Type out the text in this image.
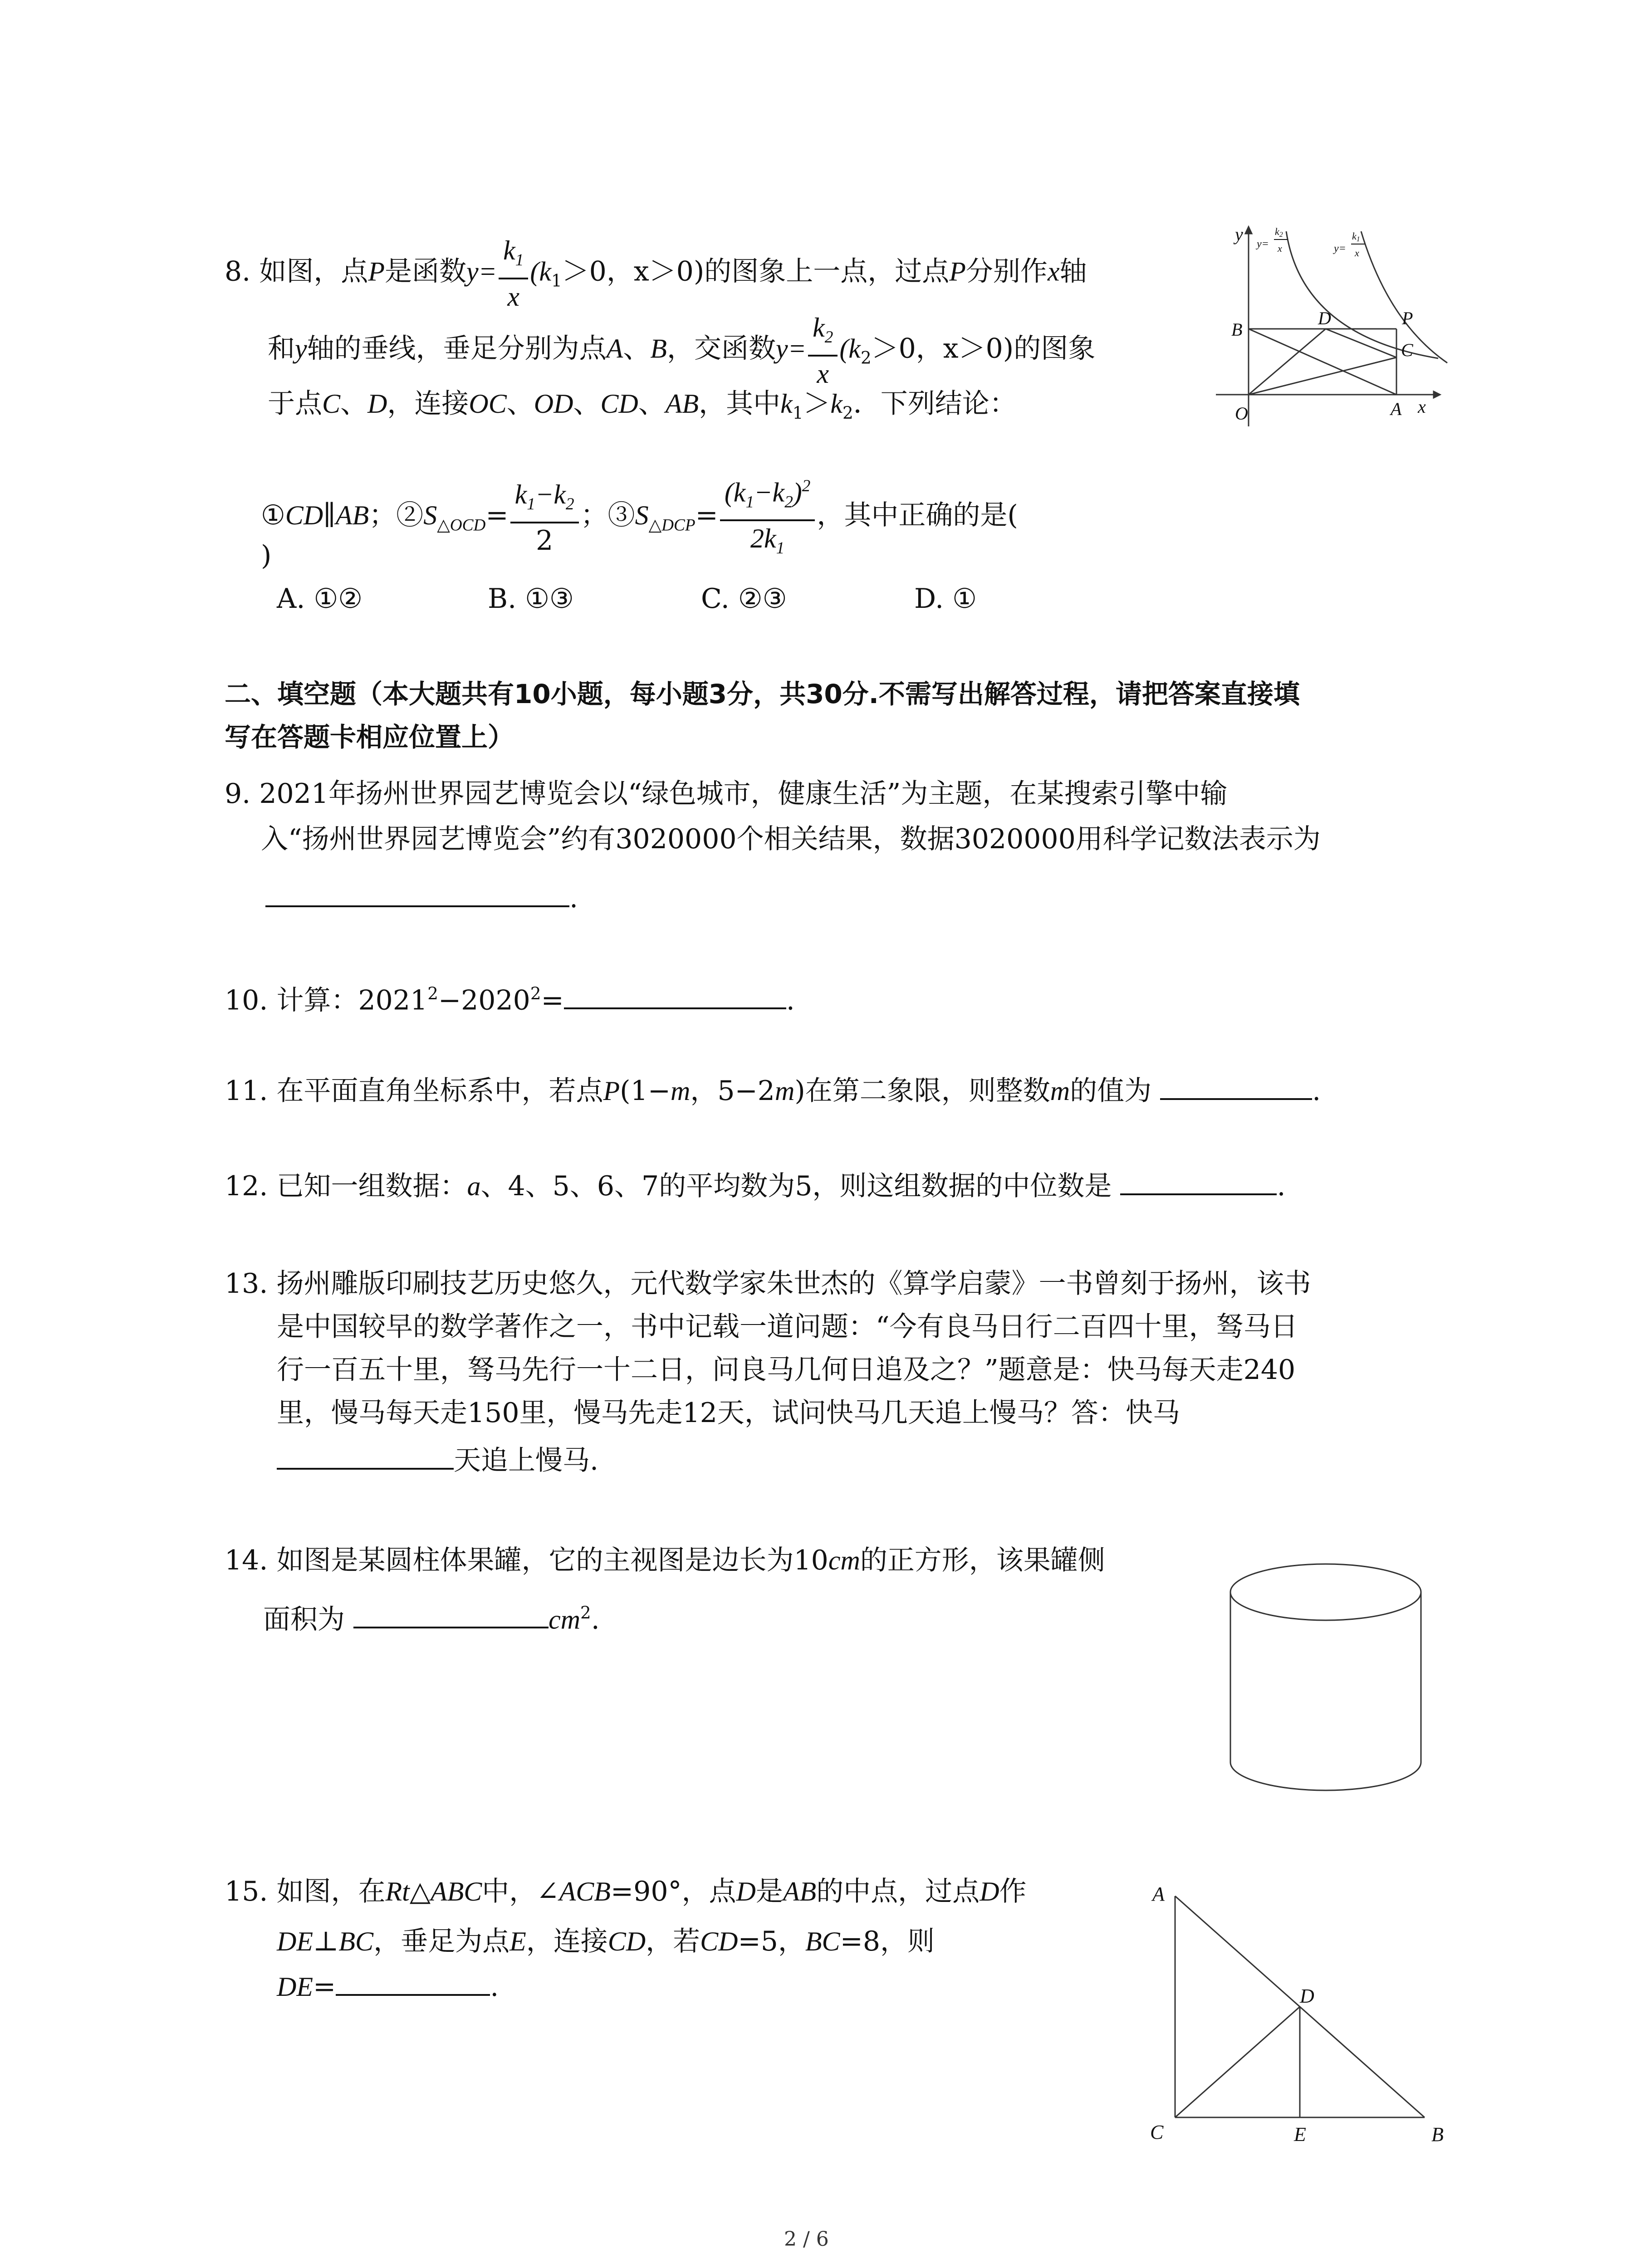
8. 如图，点P是函数$y= \frac{k_1}{x} (k_1>0$，x＞0)的图象上一点，过点P分别作x轴
和y轴的垂线，垂足分别为点A、B，交函数$y= \frac{k_2}{x} (k_2>0$，x＞0)的图象
于点C、D，连接OC、OD、CD、AB，其中$k_1>k_2$．下列结论：
①CD∥AB；$②S_{\triangle OCD}= \frac{k_1-k_2}{2}$ ；$③S_{\triangle DCP}= \frac{(k_1-k_2)^2}{2k_1}$ ，其中正确的是(
)
A. ①②	B. ①③	C. ②③	D. ①
y
x
O	A
B
C
D	P
y=	y=
k2
x
k1
x
二、填空题（本大题共有10小题，每小题3分，共30分.不需写出解答过程，请把答案直接填
写在答题卡相应位置上）
9. 2021年扬州世界园艺博览会以“绿色城市，健康生活”为主题，在某搜索引擎中输
入“扬州世界园艺博览会”约有3020000个相关结果，数据3020000用科学记数法表示为
.
10. 计算：$2021^2-2020^2=$	.
11. 在平面直角坐标系中，若点P(1−m，5−2m)在第二象限，则整数m的值为	.
12. 已知一组数据：a、4、5、6、7的平均数为5，则这组数据的中位数是	.
13. 扬州雕版印刷技艺历史悠久，元代数学家朱世杰的《算学启蒙》一书曾刻于扬州，该书
是中国较早的数学著作之一，书中记载一道问题：“今有良马日行二百四十里，驽马日
行一百五十里，驽马先行一十二日，问良马几何日追及之？”题意是：快马每天走240
里，慢马每天走150里，慢马先走12天，试问快马几天追上慢马？答：快马
天追上慢马.
14. 如图是某圆柱体果罐，它的主视图是边长为10cm的正方形，该果罐侧
面积为	$cm^2$.
15. 如图，在Rt△ABC中，∠ACB=90°，点D是AB的中点，过点D作
DE⊥BC，垂足为点E，连接CD，若CD=5，BC=8，则
DE=	.
A
C	B
D
E
2 / 6
